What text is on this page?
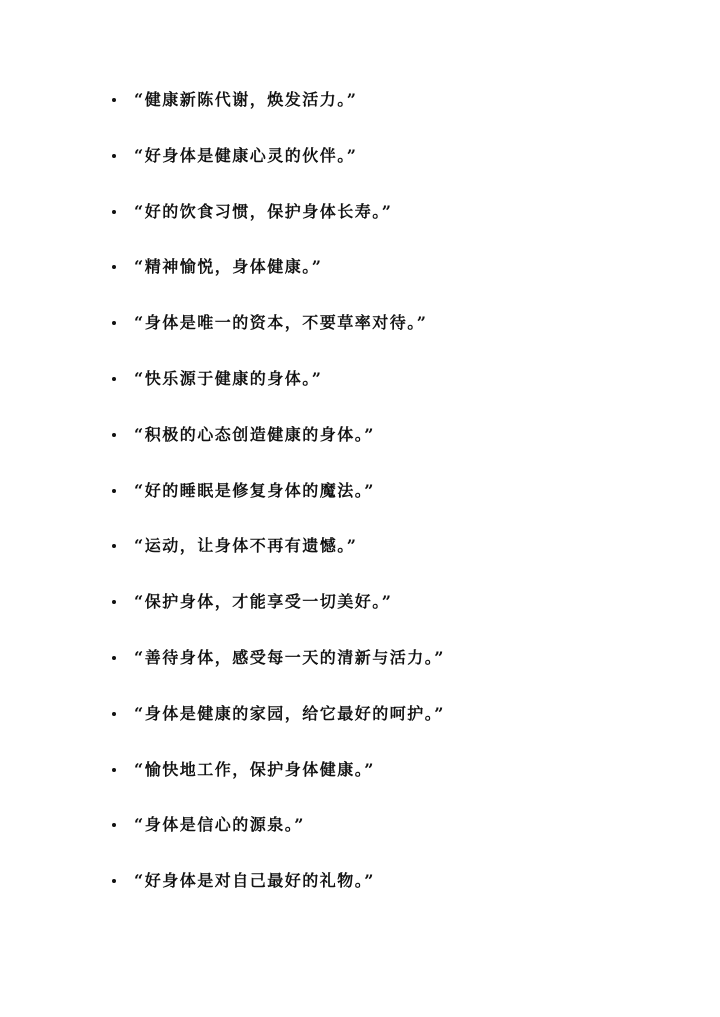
“健康新陈代谢，焕发活力。”
“好身体是健康心灵的伙伴。”
“好的饮食习惯，保护身体长寿。”
“精神愉悦，身体健康。”
“身体是唯一的资本，不要草率对待。”
“快乐源于健康的身体。”
“积极的心态创造健康的身体。”
“好的睡眠是修复身体的魔法。”
“运动，让身体不再有遗憾。”
“保护身体，才能享受一切美好。”
“善待身体，感受每一天的清新与活力。”
“身体是健康的家园，给它最好的呵护。”
“愉快地工作，保护身体健康。”
“身体是信心的源泉。”
“好身体是对自己最好的礼物。”
